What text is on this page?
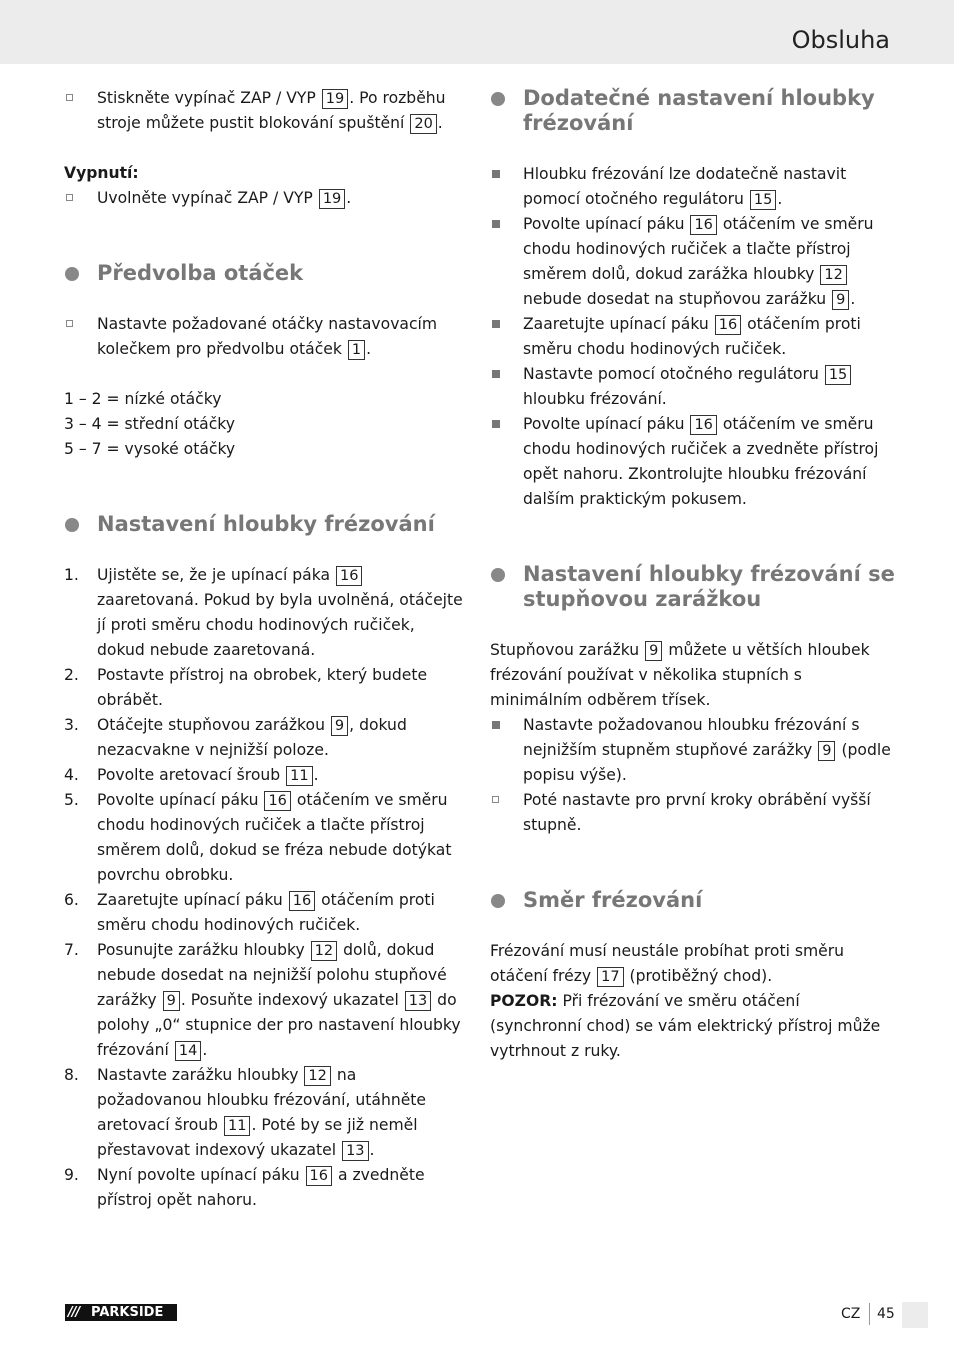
Obsluha
Stiskněte vypínač ZAP / VYP 19 . Po rozběhu stroje můžete pustit blokování spuštění 20 .
Vypnutí:
Uvolněte vypínač ZAP / VYP 19 .
Předvolba otáček
Nastavte požadované otáčky nastavovacím kolečkem pro předvolbu otáček 1 .
1 – 2 = nízké otáčky
3 – 4 = střední otáčky
5 – 7 = vysoké otáčky
Nastavení hloubky frézování
1. Ujistěte se, že je upínací páka 16 zaaretovaná. Pokud by byla uvolněná, otáčejte jí proti směru chodu hodinových ručiček, dokud nebude zaaretovaná.
2. Postavte přístroj na obrobek, který budete obrábět.
3. Otáčejte stupňovou zarážkou 9 , dokud nezacvakne v nejnižší poloze.
4. Povolte aretovací šroub 11 .
5. Povolte upínací páku 16 otáčením ve směru chodu hodinových ručiček a tlačte přístroj směrem dolů, dokud se fréza nebude dotýkat povrchu obrobku.
6. Zaaretujte upínací páku 16 otáčením proti směru chodu hodinových ručiček.
7. Posunujte zarážku hloubky 12 dolů, dokud nebude dosedat na nejnižší polohu stupňové zarážky 9 . Posuňte indexový ukazatel 13 do polohy „0“ stupnice der pro nastavení hloubky frézování 14 .
8. Nastavte zarážku hloubky 12 na požadovanou hloubku frézování, utáhněte aretovací šroub 11 . Poté by se již neměl přestavovat indexový ukazatel 13 .
9. Nyní povolte upínací páku 16 a zvedněte přístroj opět nahoru.
Dodatečné nastavení hloubky frézování
Hloubku frézování lze dodatečně nastavit pomocí otočného regulátoru 15 .
Povolte upínací páku 16 otáčením ve směru chodu hodinových ručiček a tlačte přístroj směrem dolů, dokud zarážka hloubky 12 nebude dosedat na stupňovou zarážku 9 .
Zaaretujte upínací páku 16 otáčením proti směru chodu hodinových ručiček.
Nastavte pomocí otočného regulátoru 15 hloubku frézování.
Povolte upínací páku 16 otáčením ve směru chodu hodinových ručiček a zvedněte přístroj opět nahoru. Zkontrolujte hloubku frézování dalším praktickým pokusem.
Nastavení hloubky frézování se stupňovou zarážkou
Stupňovou zarážku 9 můžete u větších hloubek frézování používat v několika stupních s minimálním odběrem třísek.
Nastavte požadovanou hloubku frézování s nejnižším stupněm stupňové zarážky 9 (podle popisu výše).
Poté nastavte pro první kroky obrábění vyšší stupně.
Směr frézování
Frézování musí neustále probíhat proti směru otáčení frézy 17 (protiběžný chod).
POZOR: Při frézování ve směru otáčení (synchronní chod) se vám elektrický přístroj může vytrhnout z ruky.
/// PARKSIDE	CZ 45
